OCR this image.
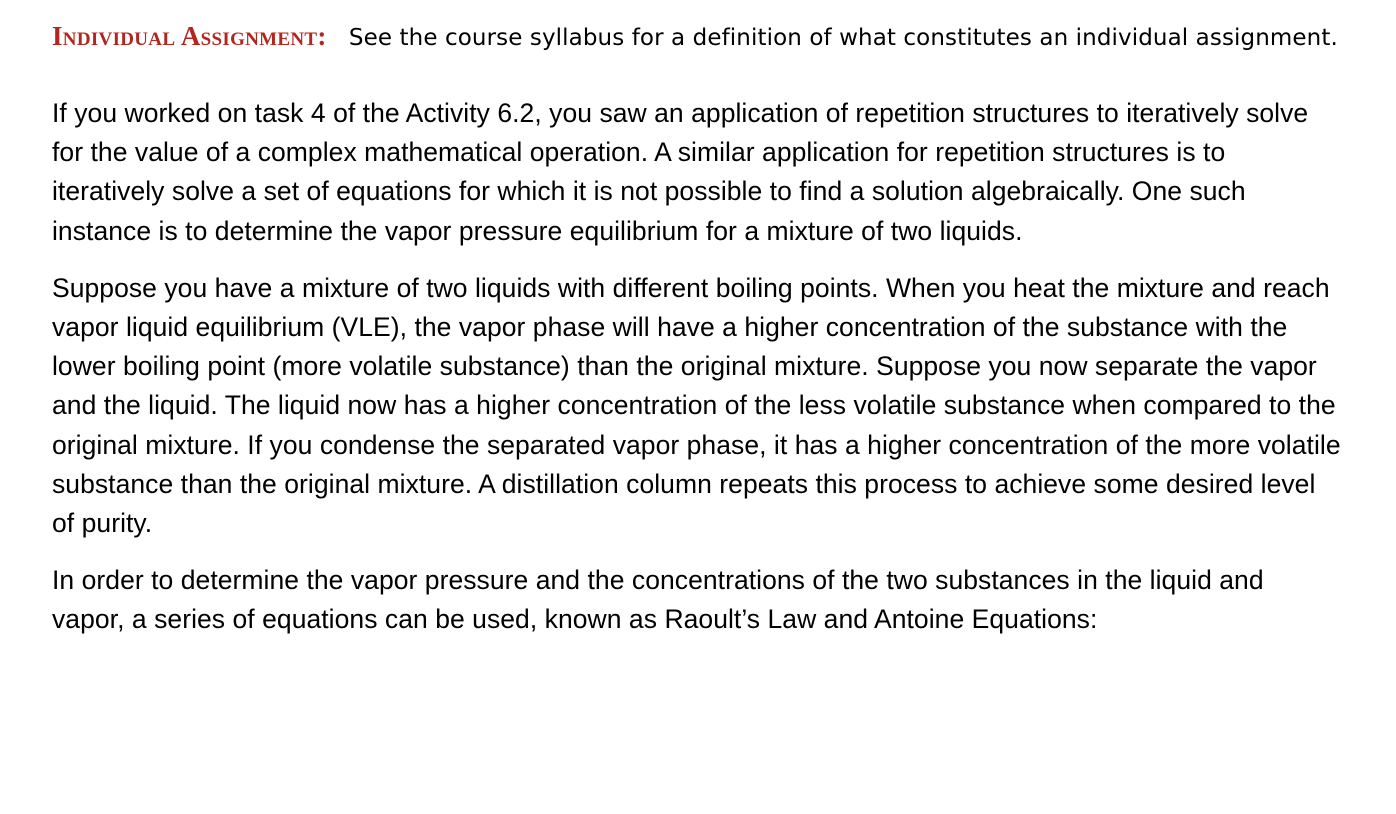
Individual Assignment: See the course syllabus for a definition of what constitutes an individual assignment.

If you worked on task 4 of the Activity 6.2, you saw an application of repetition structures to iteratively solve for the value of a complex mathematical operation. A similar application for repetition structures is to iteratively solve a set of equations for which it is not possible to find a solution algebraically. One such instance is to determine the vapor pressure equilibrium for a mixture of two liquids.

Suppose you have a mixture of two liquids with different boiling points. When you heat the mixture and reach vapor liquid equilibrium (VLE), the vapor phase will have a higher concentration of the substance with the lower boiling point (more volatile substance) than the original mixture. Suppose you now separate the vapor and the liquid. The liquid now has a higher concentration of the less volatile substance when compared to the original mixture. If you condense the separated vapor phase, it has a higher concentration of the more volatile substance than the original mixture. A distillation column repeats this process to achieve some desired level of purity.

In order to determine the vapor pressure and the concentrations of the two substances in the liquid and vapor, a series of equations can be used, known as Raoult’s Law and Antoine Equations:
